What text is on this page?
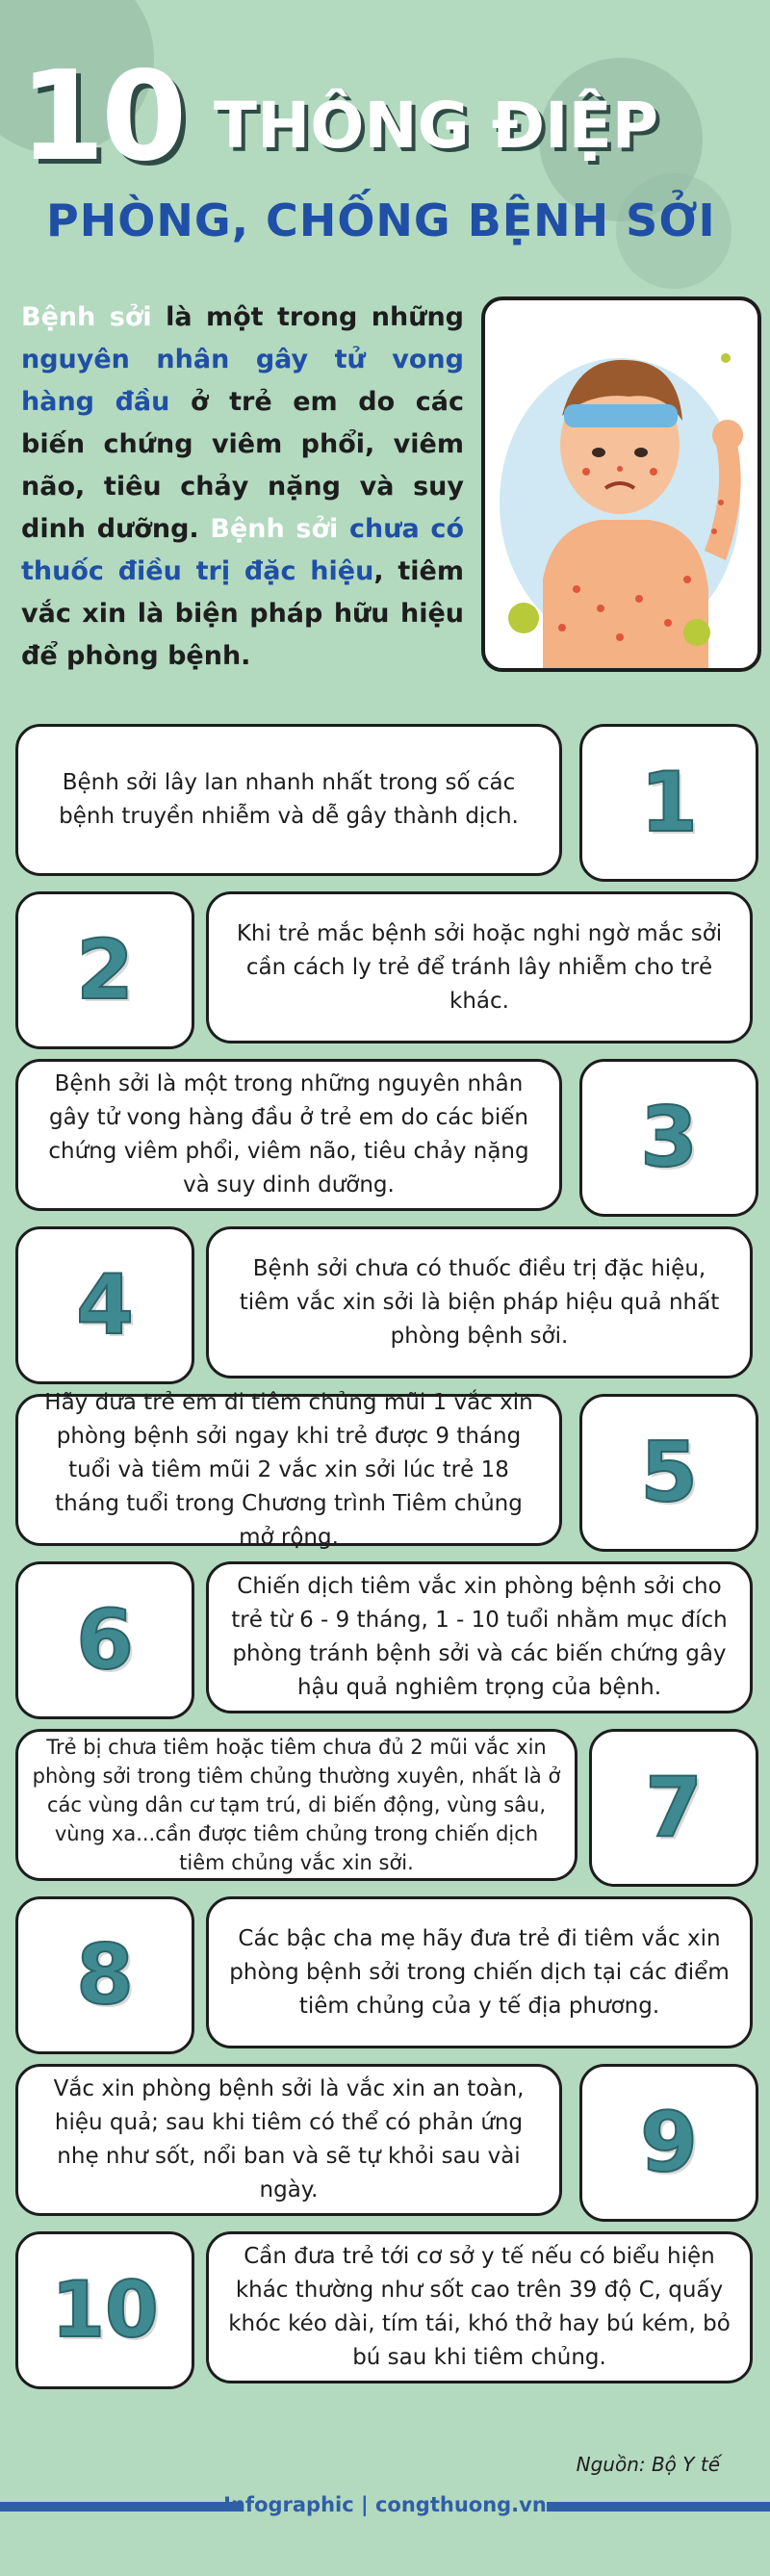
10 THÔNG ĐIỆP
PHÒNG, CHỐNG BỆNH SỞI
Bệnh sởi là một trong những nguyên nhân gây tử vong hàng đầu ở trẻ em do các biến chứng viêm phổi, viêm não, tiêu chảy nặng và suy dinh dưỡng. Bệnh sởi chưa có thuốc điều trị đặc hiệu, tiêm vắc xin là biện pháp hữu hiệu để phòng bệnh.
Bệnh sởi lây lan nhanh nhất trong số các bệnh truyền nhiễm và dễ gây thành dịch. 1
2	Khi trẻ mắc bệnh sởi hoặc nghi ngờ mắc sởi cần cách ly trẻ để tránh lây nhiễm cho trẻ khác.
Bệnh sởi là một trong những nguyên nhân gây tử vong hàng đầu ở trẻ em do các biến chứng viêm phổi, viêm não, tiêu chảy nặng và suy dinh dưỡng.	3
4	Bệnh sởi chưa có thuốc điều trị đặc hiệu, tiêm vắc xin sởi là biện pháp hiệu quả nhất phòng bệnh sởi.
Hãy đưa trẻ em đi tiêm chủng mũi 1 vắc xin phòng bệnh sởi ngay khi trẻ được 9 tháng tuổi và tiêm mũi 2 vắc xin sởi lúc trẻ 18 tháng tuổi trong Chương trình Tiêm chủng mở rộng.
5
6
Chiến dịch tiêm vắc xin phòng bệnh sởi cho trẻ từ 6 - 9 tháng, 1 - 10 tuổi nhằm mục đích phòng tránh bệnh sởi và các biến chứng gây hậu quả nghiêm trọng của bệnh.
Trẻ bị chưa tiêm hoặc tiêm chưa đủ 2 mũi vắc xin phòng sởi trong tiêm chủng thường xuyên, nhất là ở các vùng dân cư tạm trú, di biến động, vùng sâu, vùng xa...cần được tiêm chủng trong chiến dịch tiêm chủng vắc xin sởi.
7
8	Các bậc cha mẹ hãy đưa trẻ đi tiêm vắc xin phòng bệnh sởi trong chiến dịch tại các điểm tiêm chủng của y tế địa phương.
Vắc xin phòng bệnh sởi là vắc xin an toàn, hiệu quả; sau khi tiêm có thể có phản ứng nhẹ như sốt, nổi ban và sẽ tự khỏi sau vài ngày.	9
10
Cần đưa trẻ tới cơ sở y tế nếu có biểu hiện khác thường như sốt cao trên 39 độ C, quấy khóc kéo dài, tím tái, khó thở hay bú kém, bỏ bú sau khi tiêm chủng.
Nguồn: Bộ Y tế
Infographic | congthuong.vn
